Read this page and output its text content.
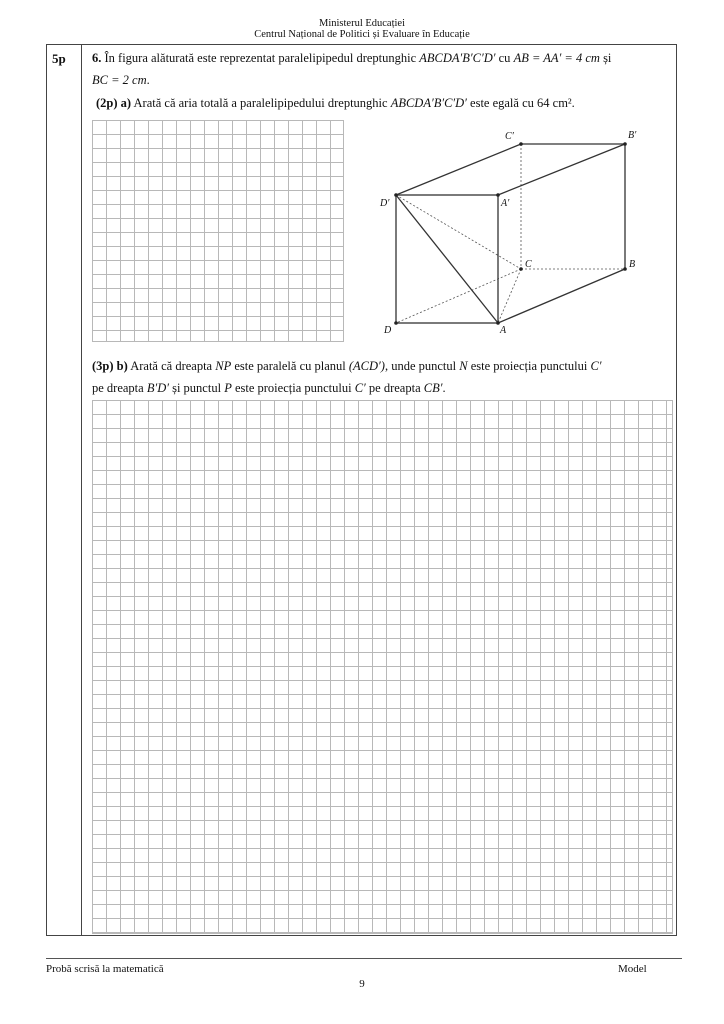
Ministerul Educației
Centrul Național de Politici și Evaluare în Educație
5p 6. În figura alăturată este reprezentat paralelipipedul dreptunghic ABCDA′B′C′D′ cu AB = AA′ = 4 cm și
BC = 2 cm.
(2p) a) Arată că aria totală a paralelipipedului dreptunghic ABCDA′B′C′D′ este egală cu 64 cm².
C′	B′
D′	A′
C	B
D	A
(3p) b) Arată că dreapta NP este paralelă cu planul (ACD′), unde punctul N este proiecția punctului C′
pe dreapta B′D′ și punctul P este proiecția punctului C′ pe dreapta CB′.
Probă scrisă la matematică	Model
9
